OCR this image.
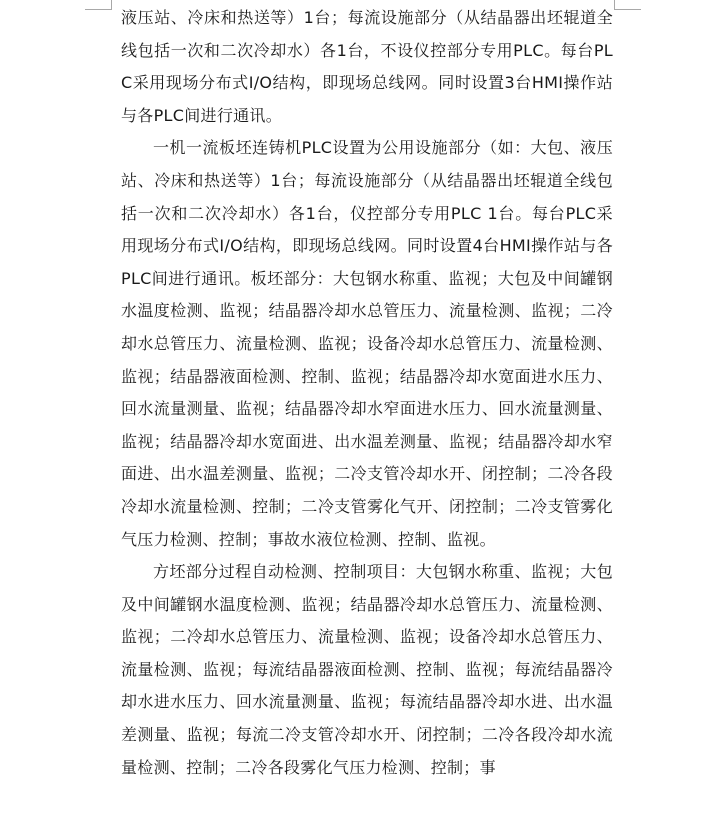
液压站、冷床和热送等）1台；每流设施部分（从结晶器出坯辊道全线包括一次和二次冷却水）各1台，不设仪控部分专用PLC。每台PLC采用现场分布式I/O结构，即现场总线网。同时设置3台HMI操作站与各PLC间进行通讯。

一机一流板坯连铸机PLC设置为公用设施部分（如：大包、液压站、冷床和热送等）1台；每流设施部分（从结晶器出坯辊道全线包括一次和二次冷却水）各1台，仪控部分专用PLC 1台。每台PLC采用现场分布式I/O结构，即现场总线网。同时设置4台HMI操作站与各PLC间进行通讯。板坯部分：大包钢水称重、监视；大包及中间罐钢水温度检测、监视；结晶器冷却水总管压力、流量检测、监视；二冷却水总管压力、流量检测、监视；设备冷却水总管压力、流量检测、监视；结晶器液面检测、控制、监视；结晶器冷却水宽面进水压力、回水流量测量、监视；结晶器冷却水窄面进水压力、回水流量测量、监视；结晶器冷却水宽面进、出水温差测量、监视；结晶器冷却水窄面进、出水温差测量、监视；二冷支管冷却水开、闭控制；二冷各段冷却水流量检测、控制；二冷支管雾化气开、闭控制；二冷支管雾化气压力检测、控制；事故水液位检测、控制、监视。

方坯部分过程自动检测、控制项目：大包钢水称重、监视；大包及中间罐钢水温度检测、监视；结晶器冷却水总管压力、流量检测、监视；二冷却水总管压力、流量检测、监视；设备冷却水总管压力、流量检测、监视；每流结晶器液面检测、控制、监视；每流结晶器冷却水进水压力、回水流量测量、监视；每流结晶器冷却水进、出水温差测量、监视；每流二冷支管冷却水开、闭控制；二冷各段冷却水流量检测、控制；二冷各段雾化气压力检测、控制；事
